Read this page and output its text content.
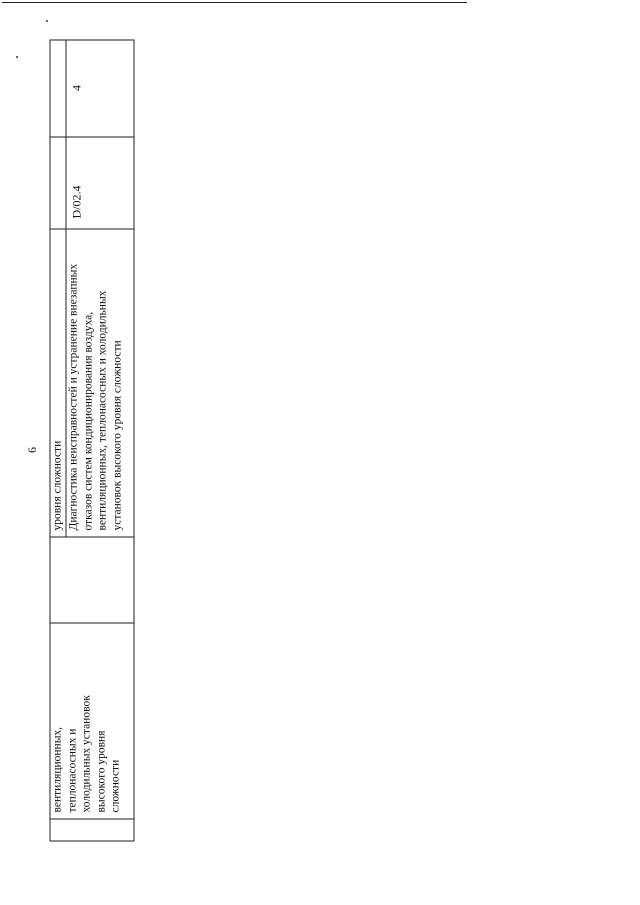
6
вентиляционных,
теплонасосных и
холодильных установок
высокого уровня
сложности
уровня сложности Диагностика неисправностей и устранение внезапных
отказов систем кондиционирования воздуха,
вентиляционных, теплонасосных и холодильных
установок высокого уровня сложности
D/02.4
4
